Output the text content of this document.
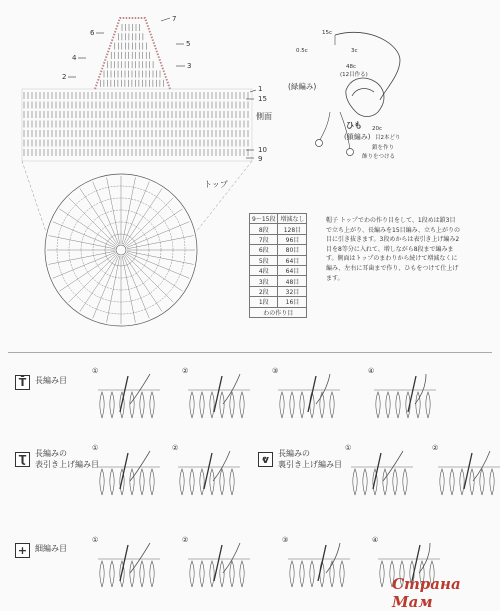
側面
トップ
1
15
10
9
7
6
5
4
3
2
15c
0.5c	3c
48c
(12目作る)
(緑編み)
ひも 20c
(鎖編み) 目2本どり
鎖を作り
飾りをつける
9〜15段	増減なし
8段	128目
7段	96目
6段	80目
5段	64目
4段	64目
3段	48目
2段	32目
1段	16目
わの作り目	
帽子 トップでわの作り目をして、1段めは鎖3目で立ち上がり、長編みを15目編み、立ち上がりの目に引き抜きます。3段めからは表引き上げ編み2目を8等分に入れて、増しながら8段まで編みます。側面はトップのまわりから続けて増減なくに編み、左右に耳歯まで作り、ひもをつけて仕上げます。
T̄	長編み目
①	②	③	④
Ʈ	長編みの
表引き上げ編み目
①	②
ⱴ	長編みの
裏引き上げ編み目
①	②
+ 細編み目
①	②	③	④
Страна Мам
